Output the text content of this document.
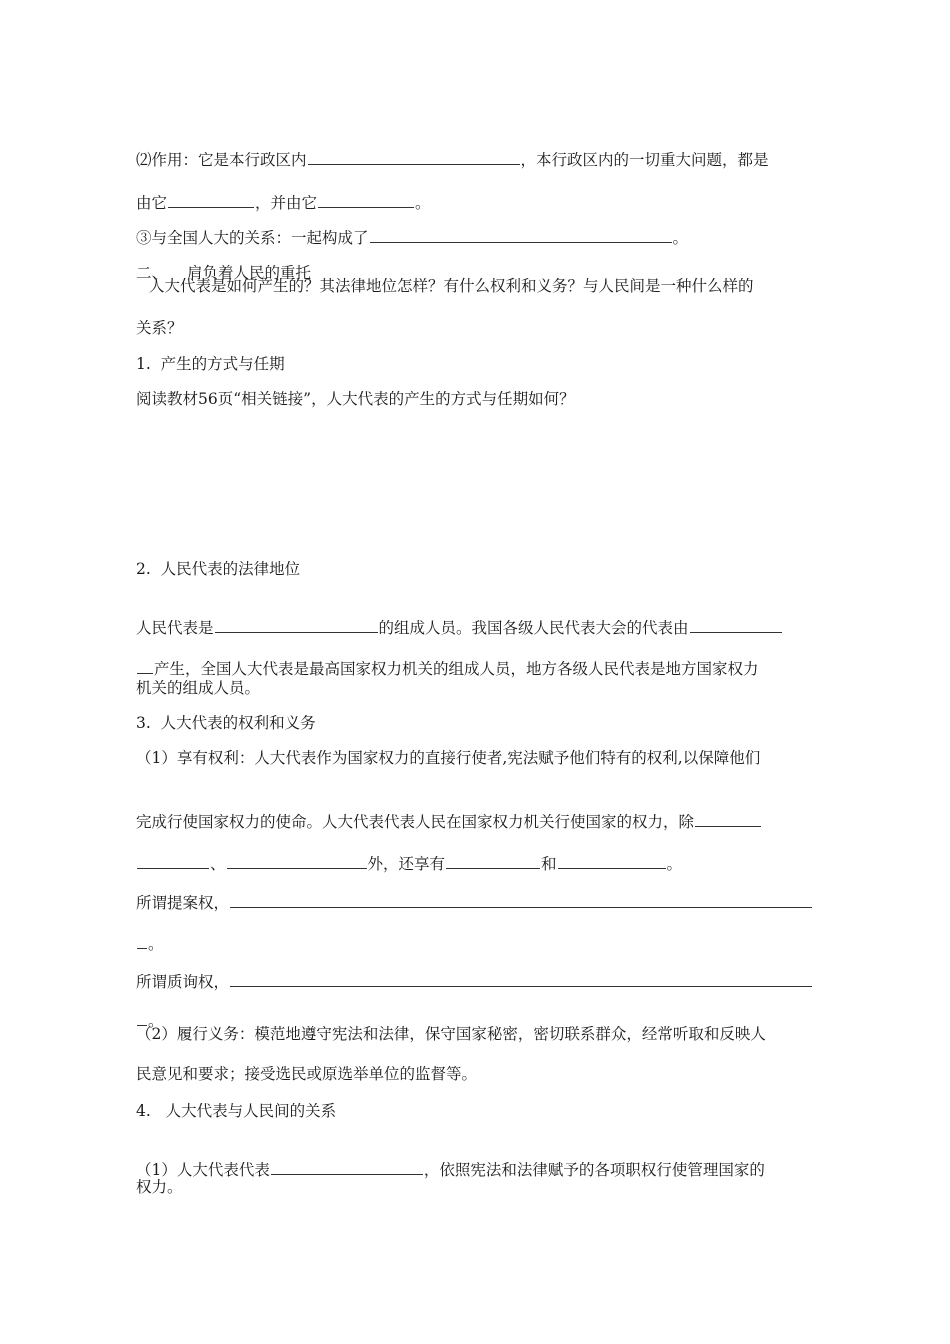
⑵作用：它是本行政区内	，本行政区内的一切重大问题，都是

由它	，并由它	。

③与全国人大的关系：一起构成了	。

二、 肩负着人民的重托

人大代表是如何产生的？其法律地位怎样？有什么权利和义务？与人民间是一种什么样的
关系？
1.  产生的方式与任期
阅读教材56页“相关链接”，人大代表的产生的方式与任期如何？
2.  人民代表的法律地位

人民代表是	的组成人员。我国各级人民代表大会的代表由

产生，全国人大代表是最高国家权力机关的组成人员，地方各级人民代表是地方国家权力

机关的组成人员。
3.  人大代表的权利和义务
（1）享有权利：人大代表作为国家权力的直接行使者,宪法赋予他们特有的权利,以保障他们

完成行使国家权力的使命。人大代表代表人民在国家权力机关行使国家的权力，除

、	外，还享有	和	。

所谓提案权，

。

所谓质询权，

。

（2）履行义务：模范地遵守宪法和法律，保守国家秘密，密切联系群众，经常听取和反映人
民意见和要求；接受选民或原选举单位的监督等。
4.   人大代表与人民间的关系

（1）人大代表代表	，依照宪法和法律赋予的各项职权行使管理国家的

权力。
